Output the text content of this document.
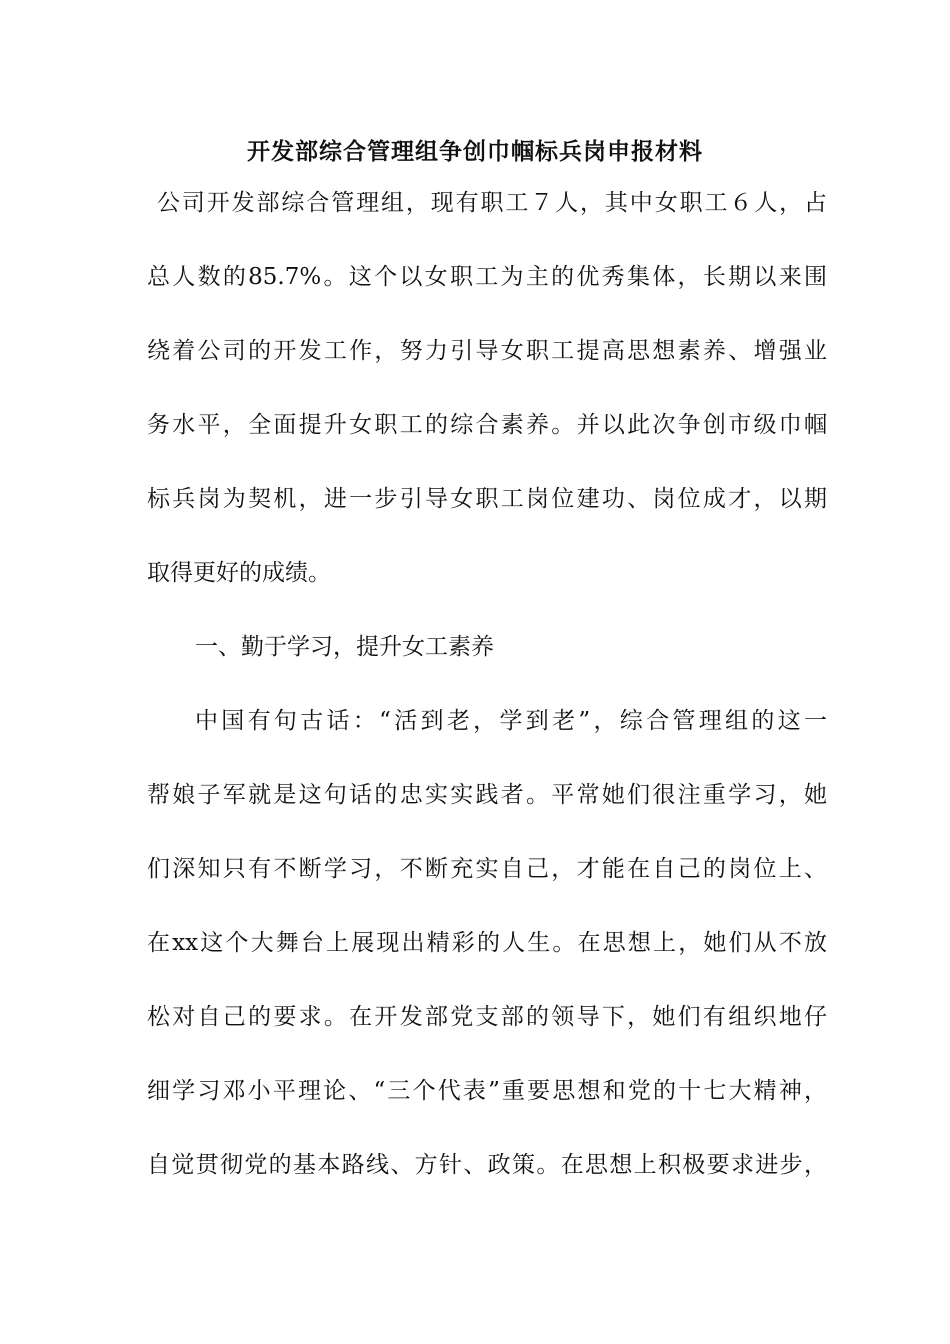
开发部综合管理组争创巾帼标兵岗申报材料
公司开发部综合管理组，现有职工７人，其中女职工６人，占
总人数的85.7%。这个以女职工为主的优秀集体，长期以来围
绕着公司的开发工作，努力引导女职工提高思想素养、增强业
务水平，全面提升女职工的综合素养。并以此次争创市级巾帼
标兵岗为契机，进一步引导女职工岗位建功、岗位成才，以期
取得更好的成绩。
一、勤于学习，提升女工素养
中国有句古话：“活到老，学到老”，综合管理组的这一
帮娘子军就是这句话的忠实实践者。平常她们很注重学习，她
们深知只有不断学习，不断充实自己，才能在自己的岗位上、
在xx这个大舞台上展现出精彩的人生。在思想上，她们从不放
松对自己的要求。在开发部党支部的领导下，她们有组织地仔
细学习邓小平理论、“三个代表”重要思想和党的十七大精神，
自觉贯彻党的基本路线、方针、政策。在思想上积极要求进步，
